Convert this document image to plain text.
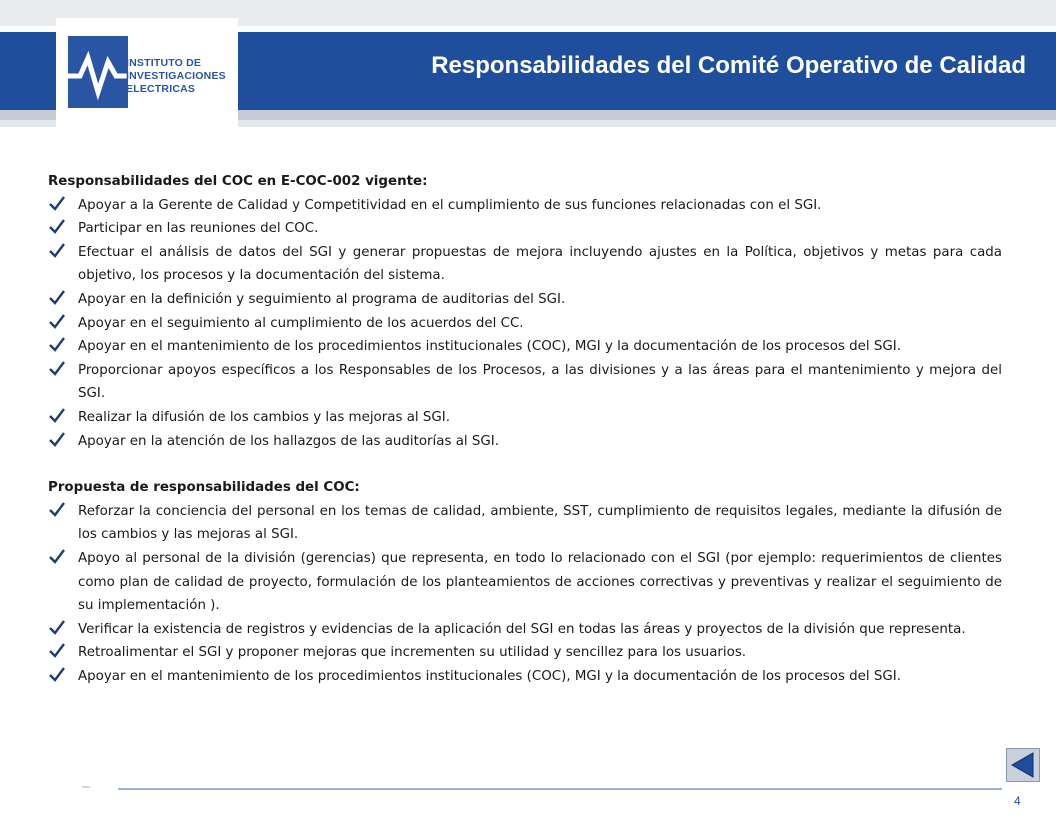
INSTITUTO DE
INVESTIGACIONES
ELECTRICAS
Responsabilidades del Comité Operativo de Calidad
Responsabilidades del COC en E-COC-002 vigente:
Apoyar a la Gerente de Calidad y Competitividad en el cumplimiento de sus funciones relacionadas con el SGI.
Participar en las reuniones del COC.
Efectuar el análisis de datos del SGI y generar propuestas de mejora incluyendo ajustes en la Política, objetivos y metas para cada objetivo, los procesos y la documentación del sistema.
Apoyar en la definición y seguimiento al programa de auditorias del SGI.
Apoyar en el seguimiento al cumplimiento de los acuerdos del CC.
Apoyar en el mantenimiento de los procedimientos institucionales (COC), MGI y la documentación de los procesos del SGI.
Proporcionar apoyos específicos a los Responsables de los Procesos, a las divisiones y a las áreas para el mantenimiento y mejora del SGI.
Realizar la difusión de los cambios y las mejoras al SGI.
Apoyar en la atención de los hallazgos de las auditorías al SGI.
Propuesta de responsabilidades del COC:
Reforzar la conciencia del personal en los temas de calidad, ambiente, SST, cumplimiento de requisitos legales, mediante la difusión de los cambios y las mejoras al SGI.
Apoyo al personal de la división (gerencias) que representa, en todo lo relacionado con el SGI (por ejemplo: requerimientos de clientes como plan de calidad de proyecto, formulación de los planteamientos de acciones correctivas y preventivas y realizar el seguimiento de su implementación ).
Verificar la existencia de registros y evidencias de la aplicación del SGI en todas las áreas y proyectos de la división que representa.
Retroalimentar el SGI y proponer mejoras que incrementen su utilidad y sencillez para los usuarios.
Apoyar en el mantenimiento de los procedimientos institucionales (COC), MGI y la documentación de los procesos del SGI.
4
